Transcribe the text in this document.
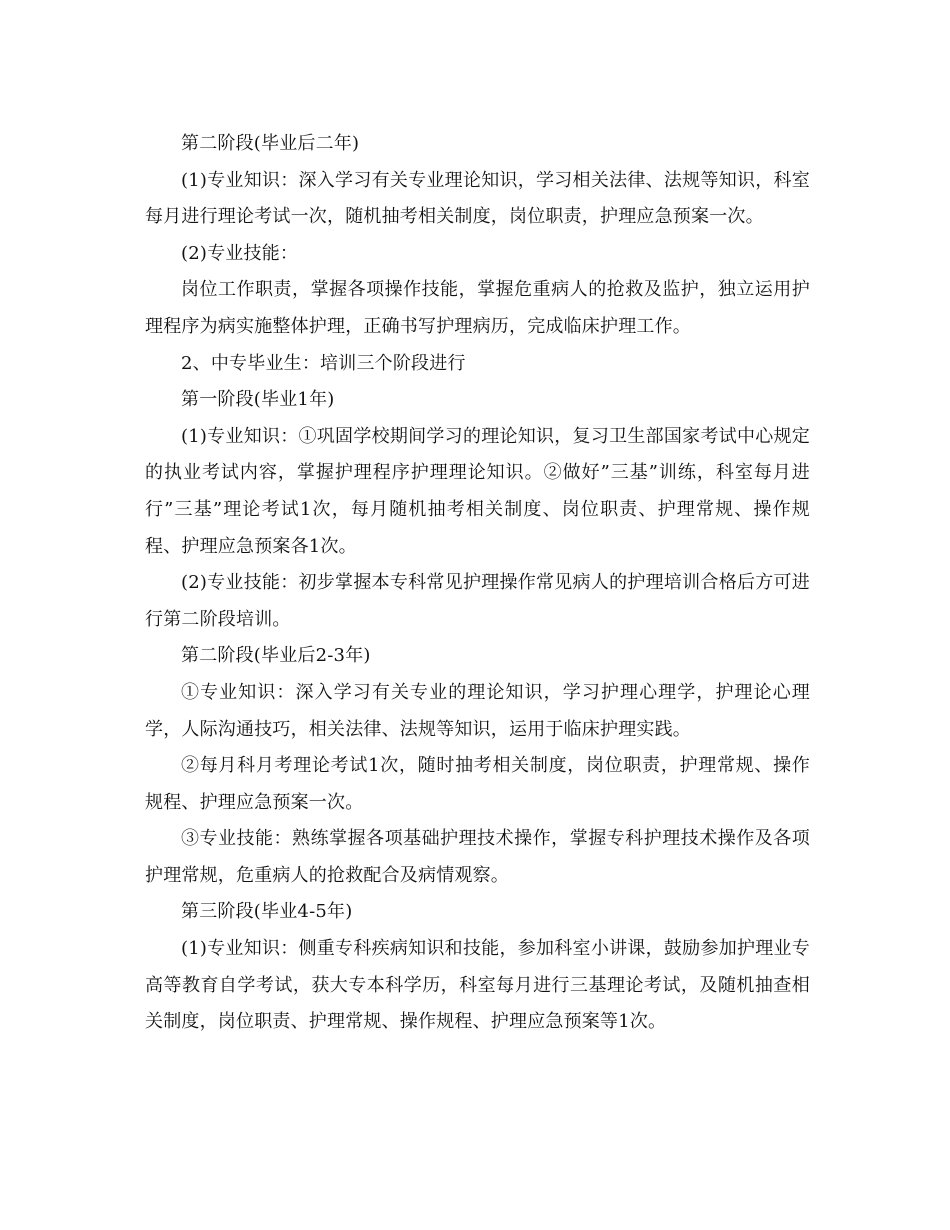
第二阶段(毕业后二年)

(1)专业知识：深入学习有关专业理论知识，学习相关法律、法规等知识，科室每月进行理论考试一次，随机抽考相关制度，岗位职责，护理应急预案一次。

(2)专业技能：

岗位工作职责，掌握各项操作技能，掌握危重病人的抢救及监护，独立运用护理程序为病实施整体护理，正确书写护理病历，完成临床护理工作。

2、中专毕业生：培训三个阶段进行

第一阶段(毕业1年)

(1)专业知识：①巩固学校期间学习的理论知识，复习卫生部国家考试中心规定的执业考试内容，掌握护理程序护理理论知识。②做好”三基”训练，科室每月进行”三基”理论考试1次，每月随机抽考相关制度、岗位职责、护理常规、操作规程、护理应急预案各1次。

(2)专业技能：初步掌握本专科常见护理操作常见病人的护理培训合格后方可进行第二阶段培训。

第二阶段(毕业后2-3年)

①专业知识：深入学习有关专业的理论知识，学习护理心理学，护理论心理学，人际沟通技巧，相关法律、法规等知识，运用于临床护理实践。

②每月科月考理论考试1次，随时抽考相关制度，岗位职责，护理常规、操作规程、护理应急预案一次。

③专业技能：熟练掌握各项基础护理技术操作，掌握专科护理技术操作及各项护理常规，危重病人的抢救配合及病情观察。

第三阶段(毕业4-5年)

(1)专业知识：侧重专科疾病知识和技能，参加科室小讲课，鼓励参加护理业专高等教育自学考试，获大专本科学历，科室每月进行三基理论考试，及随机抽查相关制度，岗位职责、护理常规、操作规程、护理应急预案等1次。
